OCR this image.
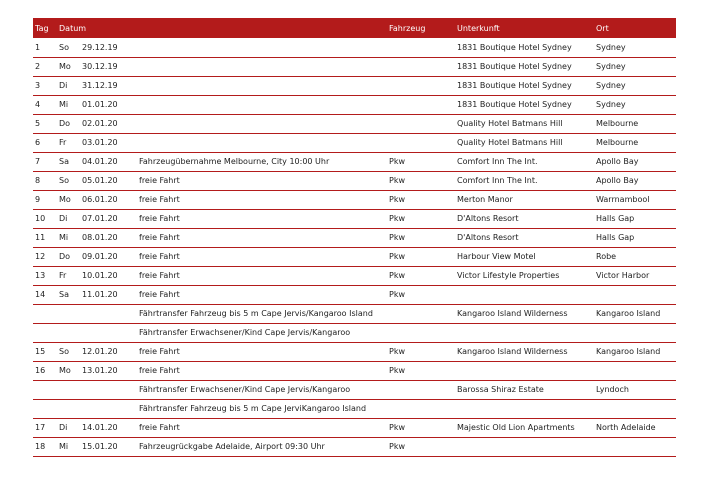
Tag	Datum			Fahrzeug	Unterkunft	Ort
1	So	29.12.19			1831 Boutique Hotel Sydney	Sydney
2	Mo	30.12.19			1831 Boutique Hotel Sydney	Sydney
3	Di	31.12.19			1831 Boutique Hotel Sydney	Sydney
4	Mi	01.01.20			1831 Boutique Hotel Sydney	Sydney
5	Do	02.01.20			Quality Hotel Batmans Hill	Melbourne
6	Fr	03.01.20			Quality Hotel Batmans Hill	Melbourne
7	Sa	04.01.20	Fahrzeugübernahme Melbourne, City 10:00 Uhr	Pkw	Comfort Inn The Int.	Apollo Bay
8	So	05.01.20	freie Fahrt	Pkw	Comfort Inn The Int.	Apollo Bay
9	Mo	06.01.20	freie Fahrt	Pkw	Merton Manor	Warrnambool
10	Di	07.01.20	freie Fahrt	Pkw	D'Altons Resort	Halls Gap
11	Mi	08.01.20	freie Fahrt	Pkw	D'Altons Resort	Halls Gap
12	Do	09.01.20	freie Fahrt	Pkw	Harbour View Motel	Robe
13	Fr	10.01.20	freie Fahrt	Pkw	Victor Lifestyle Properties	Victor Harbor
14	Sa	11.01.20	freie Fahrt	Pkw		
			Fährtransfer Fahrzeug bis 5 m Cape Jervis/Kangaroo Island		Kangaroo Island Wilderness	Kangaroo Island
			Fährtransfer Erwachsener/Kind Cape Jervis/Kangaroo			
15	So	12.01.20	freie Fahrt	Pkw	Kangaroo Island Wilderness	Kangaroo Island
16	Mo	13.01.20	freie Fahrt	Pkw		
			Fährtransfer Erwachsener/Kind Cape Jervis/Kangaroo		Barossa Shiraz Estate	Lyndoch
			Fährtransfer Fahrzeug bis 5 m Cape JerviKangaroo Island			
17	Di	14.01.20	freie Fahrt	Pkw	Majestic Old Lion Apartments	North Adelaide
18	Mi	15.01.20	Fahrzeugrückgabe Adelaide, Airport 09:30 Uhr	Pkw		
